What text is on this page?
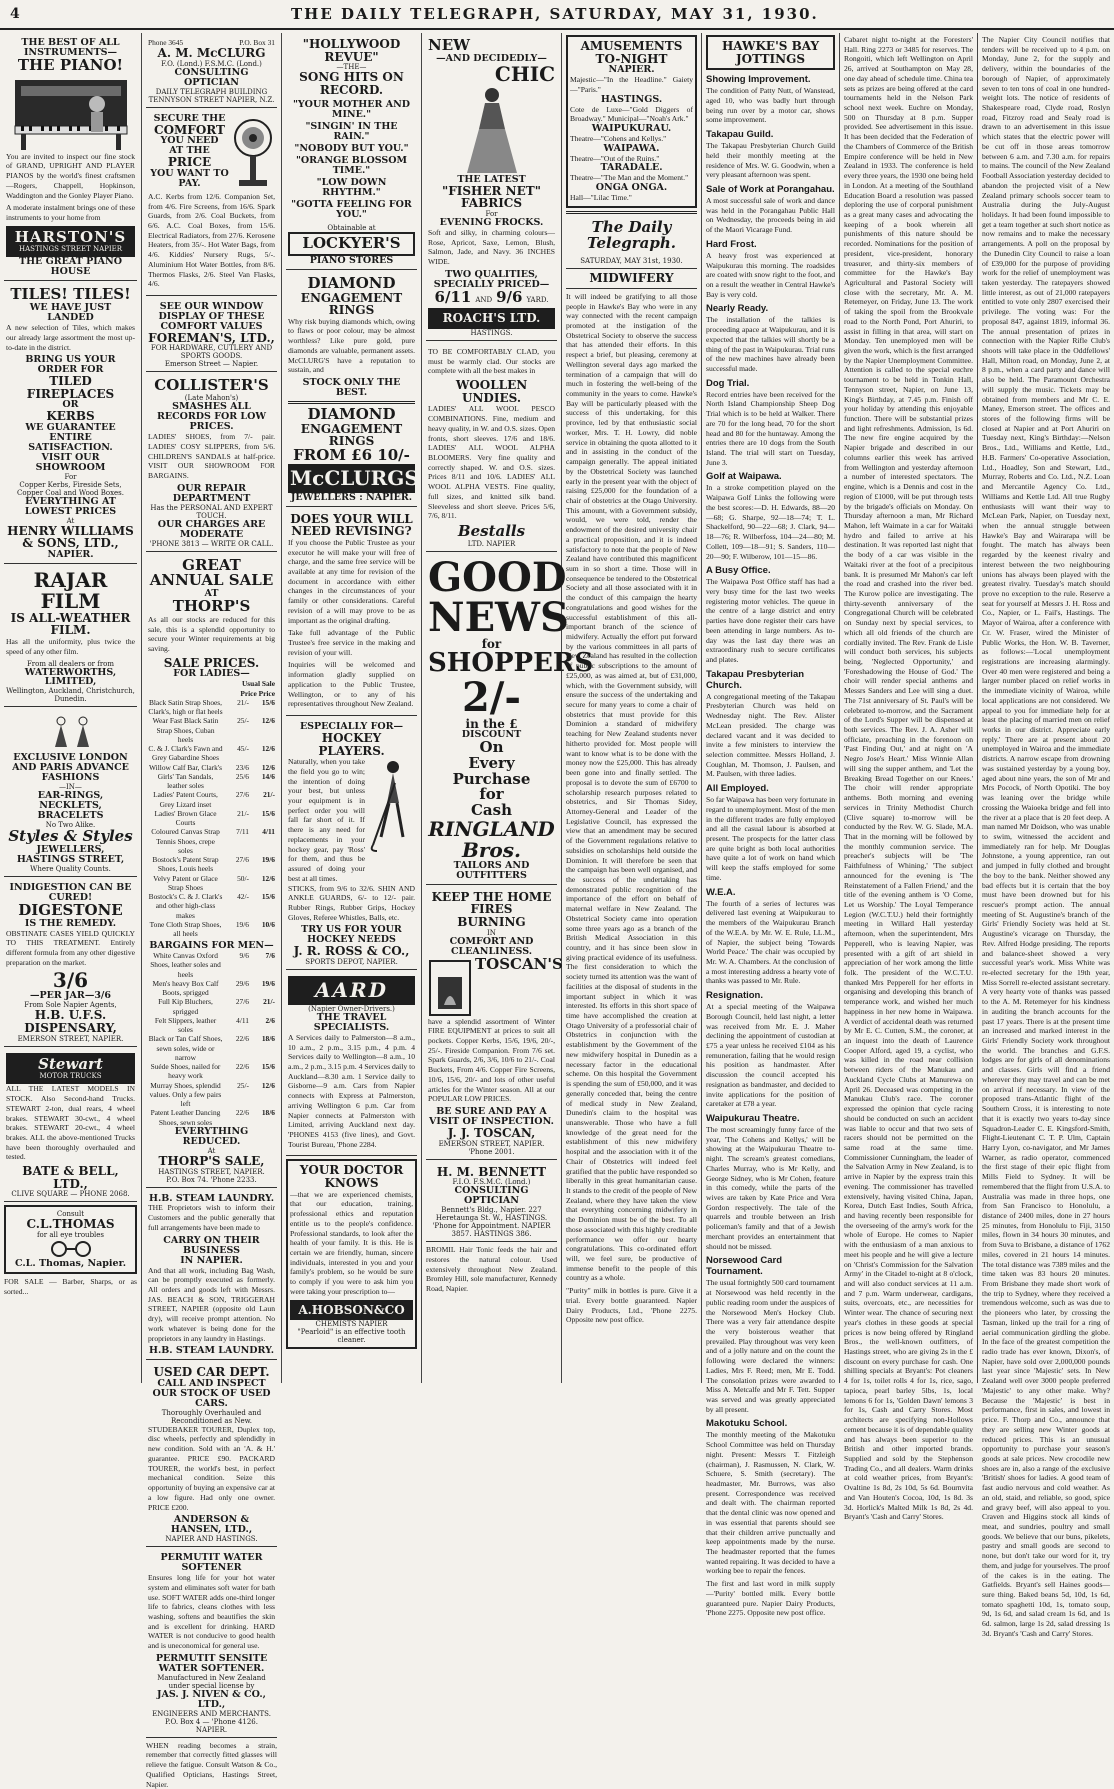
4	THE DAILY TELEGRAPH, SATURDAY, MAY 31, 1930.
THE BEST OF ALL INSTRUMENTS—
THE PIANO!
You are invited to inspect our fine stock of GRAND, UPRIGHT AND PLAYER PIANOS by the world's finest craftsmen—Rogers, Chappell, Hopkinson, Waddington and the Gonley Player Piano.
A moderate instalment brings one of these instruments to your home from
HARSTON'S
HASTINGS STREET NAPIER
THE GREAT PIANO HOUSE
TILES! TILES!
WE HAVE JUST LANDED
A new selection of Tiles, which makes our already large assortment the most up-to-date in the district.
BRING US YOUR ORDER FOR
TILED FIREPLACES
OR
KERBS
WE GUARANTEE ENTIRE SATISFACTION.
VISIT OUR SHOWROOM
For
Copper Kerbs, Fireside Sets, Copper Coal and Wood Boxes.
EVERYTHING AT LOWEST PRICES
At
HENRY WILLIAMS & SONS, LTD.,
NAPIER.
RAJAR FILM
IS ALL-WEATHER FILM.
Has all the uniformity, plus twice the speed of any other film.
From all dealers or from
WATERWORTHS, LIMITED,
Wellington, Auckland, Christchurch, Dunedin.
EXCLUSIVE LONDON AND PARIS ADVANCE FASHIONS
—IN—
EAR-RINGS, NECKLETS, BRACELETS
No Two Alike.
Styles & Styles
JEWELLERS, HASTINGS STREET,
Where Quality Counts.
INDIGESTION CAN BE CURED!
DIGESTONE
IS THE REMEDY.
OBSTINATE CASES YIELD QUICKLY TO THIS TREATMENT. Entirely different formula from any other digestive preparation on the market.
3/6
—PER JAR—3/6
From Sole Napier Agents,
H.B. U.F.S. DISPENSARY,
EMERSON STREET, NAPIER.
Stewart
MOTOR TRUCKS
ALL THE LATEST MODELS IN STOCK. Also Second-hand Trucks. STEWART 2-ton, dual rears, 4 wheel brakes. STEWART 30-cwt., 4 wheel brakes. STEWART 20-cwt., 4 wheel brakes. ALL the above-mentioned Trucks have been thoroughly overhauled and tested.
BATE & BELL, LTD.,
CLIVE SQUARE — PHONE 2068.
Consult
C.L.THOMAS
for all eye troubles
C.L. Thomas, Napier.
FOR SALE — Barber, Sharps, or as sorted...
Phone 3645	P.O. Box 31
A. M. McCLURG
F.O. (Lond.) F.S.M.C. (Lond.)
CONSULTING OPTICIAN
DAILY TELEGRAPH BUILDING TENNYSON STREET NAPIER, N.Z.
SECURE THE
COMFORT
YOU NEED
AT THE
PRICE
YOU WANT TO PAY.
A.C. Kerbs from 12/6. Companion Set, from 4/6. Fire Screens, from 16/6. Spark Guards, from 2/6. Coal Buckets, from 6/6. A.C. Coal Boxes, from 15/6. Electrical Radiators, from 27/6. Kerosene Heaters, from 35/-. Hot Water Bags, from 4/6. Kiddies' Nursery Rugs, 5/-. Aluminium Hot Water Bottles, from 8/6. Thermos Flasks, 2/6. Steel Van Flasks, 4/6.
SEE OUR WINDOW DISPLAY OF THESE COMFORT VALUES
FOREMAN'S, LTD.,
FOR HARDWARE, CUTLERY AND SPORTS GOODS.
Emerson Street — Napier.
COLLISTER'S
(Late Mahon's)
SMASHES ALL RECORDS FOR LOW PRICES.
LADIES' SHOES, from 7/- pair. LADIES' COSY SLIPPERS, from 5/6. CHILDREN'S SANDALS at half-price. VISIT OUR SHOWROOM FOR BARGAINS.
OUR REPAIR DEPARTMENT
Has the PERSONAL AND EXPERT TOUCH.
OUR CHARGES ARE MODERATE
'PHONE 3813 — WRITE OR CALL.
GREAT ANNUAL SALE
AT
THORP'S
As all our stocks are reduced for this sale, this is a splendid opportunity to secure your Winter requirements at big saving.
SALE PRICES.
FOR LADIES—
Usual Sale
Price Price
Black Satin Strap Shoes, Clark's, high or flat heels
21/-	15/6
Wear Fast Black Satin Strap Shoes, Cuban heels
25/-	12/6
C. & J. Clark's Fawn and Grey Gabardine Shoes
45/-	12/6
Willow Calf Bar, Clark's	23/6	12/6
Girls' Tan Sandals, leather soles
25/6	14/6
Ladies' Patent Courts, Grey Lizard inset
27/6	21/-
Ladies' Brown Glace Courts
21/-	15/6
Coloured Canvas Strap Tennis Shoes, crepe soles
7/11	4/11
Bostock's Patent Strap Shoes, Louis heels
27/6	19/6
Velvy Patent or Glace Strap Shoes
50/-	12/6
Bostock's C. & J. Clark's and other high-class makes
42/-	15/6
Tone Cloth Strap Shoes, all heels
19/6	10/6
BARGAINS FOR MEN—
White Canvas Oxford Shoes, leather soles and heels
9/6	7/6
Men's heavy Box Calf Boots, sprigged
29/6	19/6
Full Kip Bluchers, sprigged
27/6	21/-
Felt Slippers, leather soles
4/11	2/6
Black or Tan Calf Shoes, sewn soles, wide or narrow
22/6	18/6
Suéde Shoes, nailed for heavy work
22/6	15/6
Murray Shoes, splendid values. Only a few pairs left
25/-	12/6
Patent Leather Dancing Shoes, sewn soles
22/6	18/6
EVERYTHING REDUCED.
At
THORP'S SALE,
HASTINGS STREET, NAPIER.
P.O. Box 74. 'Phone 2233.
H.B. STEAM LAUNDRY.
THE Proprietors wish to inform their Customers and the public generally that full arrangements have been made to
CARRY ON THEIR BUSINESS
IN NAPIER.
And that all work, including Bag Wash, can be promptly executed as formerly. All orders and goods left with Messrs. JAS. BEACH & SON, TRIGGERAH STREET, NAPIER (opposite old Laun dry), will receive prompt attention. No work whatever is being done for the proprietors in any laundry in Hastings.
H.B. STEAM LAUNDRY.
USED CAR DEPT.
CALL AND INSPECT OUR STOCK OF USED CARS.
Thoroughly Overhauled and Reconditioned as New.
STUDEBAKER TOURER, Duplex top, disc wheels, perfectly and splendidly in new condition. Sold with an 'A. & H.' guarantee. PRICE £90. PACKARD TOURER, the world's best, in perfect mechanical condition. Seize this opportunity of buying an expensive car at a low figure. Had only one owner. PRICE £200.
ANDERSON & HANSEN, LTD.,
NAPIER AND HASTINGS.
PERMUTIT WATER SOFTENER
Ensures long life for your hot water system and eliminates soft water for bath use. SOFT WATER adds one-third longer life to fabrics, cleans clothes with less washing, softens and beautifies the skin and is excellent for drinking. HARD WATER is not conducive to good health and is uneconomical for general use.
PERMUTIT SENSITE WATER SOFTENER.
Manufactured in New Zealand under special license by
JAS. J. NIVEN & CO., LTD.,
ENGINEERS AND MERCHANTS.
P.O. Box 4 — 'Phone 4126.
NAPIER.
WHEN reading becomes a strain, remember that correctly fitted glasses will relieve the fatigue. Consult Watson & Co., Qualified Opticians, Hastings Street, Napier.
"HOLLYWOOD REVUE"
—THE—
SONG HITS ON RECORD.
"YOUR MOTHER AND MINE."
"SINGIN' IN THE RAIN."
"NOBODY BUT YOU."
"ORANGE BLOSSOM TIME."
"LOW DOWN RHYTHM."
"GOTTA FEELING FOR YOU."
Obtainable at
LOCKYER'S
PIANO STORES
DIAMOND
ENGAGEMENT RINGS
Why risk buying diamonds which, owing to flaws or poor colour, may be almost worthless? Like pure gold, pure diamonds are valuable, permanent assets. McCLURG'S have a reputation to sustain, and
STOCK ONLY THE BEST.
DIAMOND
ENGAGEMENT RINGS
FROM £6 10/-
McCLURGS
JEWELLERS : NAPIER.
DOES YOUR WILL
NEED REVISING?
If you choose the Public Trustee as your executor he will make your will free of charge, and the same free service will be available at any time for revision of the document in accordance with either changes in the circumstances of your family or other considerations. Careful revision of a will may prove to be as important as the original drafting.
Take full advantage of the Public Trustee's free service in the making and revision of your will.
Inquiries will be welcomed and information gladly supplied on application to the Public Trustee, Wellington, or to any of his representatives throughout New Zealand.
ESPECIALLY FOR—
HOCKEY PLAYERS.
Naturally, when you take the field you go to win; the intention of doing your best, but unless your equipment is in perfect order you will fall far short of it. If there is any need for replacements in your hockey gear, pay 'Ross' for them, and thus be assured of doing your best at all times.
STICKS, from 9/6 to 32/6. SHIN AND ANKLE GUARDS, 6/- to 12/- pair. Rubber Rings, Rubber Grips, Hockey Gloves, Referee Whistles, Balls, etc.
TRY US FOR YOUR HOCKEY NEEDS
J. R. ROSS & CO.,
SPORTS DEPOT, NAPIER.
AARD
(Napier Owner-Drivers.)
THE TRAVEL SPECIALISTS.
A Services daily to Palmerston—8 a.m., 10 a.m., 2 p.m., 3.15 p.m., 4 p.m. 4 Services daily to Wellington—8 a.m., 10 a.m., 2 p.m., 3.15 p.m. 4 Services daily to Auckland—8.30 a.m. 1 Service daily to Gisborne—9 a.m. Cars from Napier connects with Express at Palmerston, arriving Wellington 6 p.m. Car from Napier connects at Palmerston with Limited, arriving Auckland next day. 'PHONES 4153 (five lines), and Govt. Tourist Bureau, 'Phone 2284.
YOUR DOCTOR
KNOWS
—that we are experienced chemists, that our education, training, professional ethics and reputation entitle us to the people's confidence. Professional standards, to look after the health of your family. It is this. He is certain we are friendly, human, sincere individuals, interested in you and your family's problem, so he would be sure to comply if you were to ask him you were taking your prescription to—
A.HOBSON&CO
CHEMISTS NAPIER
"Pearloid" is an effective tooth cleaner.
NEW
—AND DECIDEDLY—
CHIC
THE LATEST
"FISHER NET"
FABRICS
For
EVENING FROCKS.
Soft and silky, in charming colours—Rose, Apricot, Saxe, Lemon, Blush, Salmon, Jade, and Navy. 36 INCHES WIDE.
TWO QUALITIES, SPECIALLY PRICED—
6/11 AND 9/6 YARD.
ROACH'S LTD.
HASTINGS.
TO BE COMFORTABLY CLAD, you must be warmly clad. Our stocks are complete with all the best makes in
WOOLLEN UNDIES.
LADIES' ALL WOOL PESCO COMBINATIONS. Fine, medium and heavy quality, in W. and O.S. sizes. Open fronts, short sleeves. 17/6 and 18/6. LADIES' ALL WOOL ALPHA BLOOMERS. Very fine quality and correctly shaped. W. and O.S. sizes. Prices 8/11 and 10/6. LADIES' ALL WOOL ALPHA VESTS. Fine quality, full sizes, and knitted silk band. Sleeveless and short sleeve. Prices 5/6, 7/6, 8/11.
Bestalls
LTD. NAPIER
GOOD
NEWS
for
SHOPPERS
2/-
in the £
DISCOUNT
On
Every
Purchase
for
Cash
RINGLAND Bros.
TAILORS AND OUTFITTERS
KEEP THE HOME FIRES
BURNING
IN
COMFORT AND CLEANLINESS.
TOSCAN'S
have a splendid assortment of Winter FIRE EQUIPMENT at prices to suit all pockets. Copper Kerbs, 15/6, 19/6, 20/-, 25/-. Fireside Companion. From 7/6 set. Spark Guards, 2/6, 3/6, 10/6 to 21/-. Coal Buckets, From 4/6. Copper Fire Screens, 10/6, 15/6, 20/- and lots of other useful articles for the Winter season. All at our POPULAR LOW PRICES.
BE SURE AND PAY A VISIT OF INSPECTION.
J. J. TOSCAN,
EMERSON STREET, NAPIER.
'Phone 2001.
H. M. BENNETT
F.I.O. F.S.M.C. (Lond.)
CONSULTING OPTICIAN
Bennett's Bldg., Napier. 227 Heretaunga St. W., HASTINGS.
'Phone for Appointment. NAPIER 3857. HASTINGS 386.
BROMIL Hair Tonic feeds the hair and restores the natural colour. Used extensively throughout New Zealand. Bromley Hill, sole manufacturer, Kennedy Road, Napier.
AMUSEMENTS TO-NIGHT
NAPIER.
Majestic—"In the Headline." Gaiety—"Paris."
HASTINGS.
Cote de Luxe—"Gold Diggers of Broadway." Municipal—"Noah's Ark."
WAIPUKURAU.
Theatre—"Cohens and Kellys."
WAIPAWA.
Theatre—"Out of the Ruins."
TARADALE.
Theatre—"The Man and the Moment."
ONGA ONGA.
Hall—"Lilac Time."
The Daily Telegraph.
SATURDAY, MAY 31st, 1930.
MIDWIFERY
It will indeed be gratifying to all those people in Hawke's Bay who were in any way connected with the recent campaign promoted at the instigation of the Obstetrical Society to observe the success that has attended their efforts. In this respect a brief, but pleasing, ceremony at Wellington several days ago marked the termination of a campaign that will do much in fostering the well-being of the community in the years to come. Hawke's Bay will be particularly pleased with the success of this undertaking, for this province, led by that enthusiastic social worker, Mrs. T. H. Lowry, did noble service in obtaining the quota allotted to it and in assisting in the conduct of the campaign generally. The appeal initiated by the Obstetrical Society was launched early in the present year with the object of raising £25,000 for the foundation of a chair of obstetrics at the Otago University. This amount, with a Government subsidy, would, we were told, render the endowment of the desired university chair a practical proposition, and it is indeed satisfactory to note that the people of New Zealand have contributed this magnificent sum in so short a time. Those will in consequence be tendered to the Obstetrical Society and all those associated with it in the conduct of this campaign the hearty congratulations and good wishes for the successful establishment of this all-important branch of the science of midwifery. Actually the effort put forward by the various committees in all parts of New Zealand has resulted in the collection of public subscriptions to the amount of £25,000, as was aimed at, but of £31,000, which, with the Government subsidy, will ensure the success of the undertaking and secure for many years to come a chair of obstetrics that must provide for this Dominion a standard of midwifery teaching for New Zealand students never hitherto provided for. Most people will want to know what is to be done with the money now the £25,000. This has already been gone into and finally settled. The proposal is to devote the sum of £6700 to scholarship research purposes related to obstetrics, and Sir Thomas Sidey, Attorney-General and Leader of the Legislative Council, has expressed the view that an amendment may be secured of the Government regulations relative to subsidies on scholarships held outside the Dominion. It will therefore be seen that the campaign has been well organised, and the success of the undertaking has demonstrated public recognition of the importance of the effort on behalf of maternal welfare in New Zealand. The Obstetrical Society came into operation some three years ago as a branch of the British Medical Association in this country, and it has since been slow in giving practical evidence of its usefulness. The first consideration to which the society turned its attention was the want of facilities at the disposal of students in the important subject in which it was interested. Its efforts in this short space of time have accomplished the creation at Otago University of a professorial chair of Obstetrics in conjunction with the establishment by the Government of the new midwifery hospital in Dunedin as a necessary factor in the educational scheme. On this hospital the Government is spending the sum of £50,000, and it was generally conceded that, being the centre of medical study in New Zealand, Dunedin's claim to the hospital was unanswerable. Those who have a full knowledge of the great need for the establishment of this new midwifery hospital and the association with it of the Chair of Obstetrics will indeed feel gratified that the public have responded so liberally in this great humanitarian cause. It stands to the credit of the people of New Zealand, where they have taken the view that everything concerning midwifery in the Dominion must be of the best. To all those associated with this highly creditable performance we offer our hearty congratulations. This co-ordinated effort will, we feel sure, be productive of immense benefit to the people of this country as a whole.
"Purity" milk in bottles is pure. Give it a trial. Every bottle guaranteed. Napier Dairy Products, Ltd., 'Phone 2275. Opposite new post office.
HAWKE'S BAY JOTTINGS
Showing Improvement.
The condition of Patty Nutt, of Wanstead, aged 10, who was badly hurt through being run over by a motor car, shows some improvement.
Takapau Guild.
The Takapau Presbyterian Church Guild held their monthly meeting at the residence of Mrs. W. G. Goodwin, when a very pleasant afternoon was spent.
Sale of Work at Porangahau.
A most successful sale of work and dance was held in the Porangahau Public Hall on Wednesday, the proceeds being in aid of the Maori Vicarage Fund.
Hard Frost.
A heavy frost was experienced at Waipukurau this morning. The roadsides are coated with snow right to the foot, and on a result the weather in Central Hawke's Bay is very cold.
Nearly Ready.
The installation of the talkies is proceeding apace at Waipukurau, and it is expected that the talkies will shortly be a thing of the past in Waipukurau. Trial runs of the new machines have already been successful made.
Dog Trial.
Record entries have been received for the North Island Championship Sheep Dog Trial which is to be held at Walker. There are 70 for the long head, 70 for the short head and 80 for the huntaway. Among the entries there are 10 dogs from the South Island. The trial will start on Tuesday, June 3.
Golf at Waipawa.
In a stroke competition played on the Waipawa Golf Links the following were the best scores:—D. H. Edwards, 88—20—68; G. Sharpe, 92—18—74; T. L. Shackelford, 90—22—68; J. Clark, 94—18—76; R. Wilberfoss, 104—24—80; M. Collett, 109—18—91; S. Sanders, 110—20—90; F. Wilberow, 101—15—86.
A Busy Office.
The Waipawa Post Office staff has had a very busy time for the last two weeks registering motor vehicles. The queue in the centre of a large district and entry parties have done register their cars have been attending in large numbers. As to-day was the last day there was an extraordinary rush to secure certificates and plates.
Takapau Presbyterian Church.
A congregational meeting of the Takapau Presbyterian Church was held on Wednesday night. The Rev. Alister McLean presided. The charge was declared vacant and it was decided to invite a few ministers to interview the selection committee. Messrs Holland, J. Coughlan, M. Thomson, J. Paulsen, and M. Paulsen, with three ladies.
All Employed.
So far Waipawa has been very fortunate in regard to unemployment. Most of the men in the different trades are fully employed and all the casual labour is absorbed at present. The prospects for the latter class are quite bright as both local authorities have quite a lot of work on hand which will keep the staffs employed for some time.
W.E.A.
The fourth of a series of lectures was delivered last evening at Waipukurau to the members of the Waipukurau Branch of the W.E.A. by Mr. W. E. Rule, LL.M., of Napier, the subject being 'Towards World Peace.' The chair was occupied by Mr. W. A. Chambers. At the conclusion of a most interesting address a hearty vote of thanks was passed to Mr. Rule.
Resignation.
At a special meeting of the Waipawa Borough Council, held last night, a letter was received from Mr. E. J. Maher declining the appointment of custodian at £75 a year unless he received £104 as his remuneration, failing that he would resign his position as handmaster. After discussion the council accepted his resignation as bandmaster, and decided to invite applications for the position of caretaker at £78 a year.
Waipukurau Theatre.
The most screamingly funny farce of the year, 'The Cohens and Kellys,' will be showing at the Waipukurau Theatre to-night. The scream's greatest comedians, Charles Murray, who is Mr Kelly, and George Sidney, who is Mr Cohen, feature in this comedy, while the parts of the wives are taken by Kate Price and Vera Gordon respectively. The tale of the quarrels and trouble between an Irish policeman's family and that of a Jewish merchant provides an entertainment that should not be missed.
Norsewood Card Tournament.
The usual fortnightly 500 card tournament at Norsewood was held recently in the public reading room under the auspices of the Norsewood Men's Hockey Club. There was a very fair attendance despite the very boisterous weather that prevailed. Play throughout was very keen and of a jolly nature and on the count the following were declared the winners: Ladies, Mrs F. Reed; men, Mr E. Todd. The consolation prizes were awarded to Miss A. Metcalfe and Mr F. Tett. Supper was served and was greatly appreciated by all present.
Makotuku School.
The monthly meeting of the Makotuku School Committee was held on Thursday night. Present: Messrs T. Fitzleigh (chairman), J. Rasmussen, N. Clark, W. Schuere, S. Smith (secretary). The headmaster, Mr. Burrows, was also present. Correspondence was received and dealt with. The chairman reported that the dental clinic was now opened and in was essential that parents should see that their children arrive punctually and keep appointments made by the nurse. The headmaster reported that the fumes wanted repairing. It was decided to have a working bee to repair the fences.
The first and last word in milk supply—'Purity' bottled milk. Every bottle guaranteed pure. Napier Dairy Products, 'Phone 2275. Opposite new post office.
Cabaret night to-night at the Foresters' Hall. Ring 2273 or 3485 for reserves. The Rongoiti, which left Wellington on April 26, arrived at Southampton on May 28, one day ahead of schedule time. China tea sets as prizes are being offered at the card tournaments held in the Nelson Park school next week. Euchre on Monday, 500 on Thursday at 8 p.m. Supper provided. See advertisement in this issue. It has been decided that the Federation of the Chambers of Commerce of the British Empire conference will be held in New Zealand in 1933. The conference is held every three years, the 1930 one being held in London. At a meeting of the Southland Education Board a resolution was passed deploring the use of corporal punishment as a great many cases and advocating the keeping of a book wherein all punishments of this nature should be recorded. Nominations for the position of president, vice-president, honorary treasurer, and thirty-six members of committee for the Hawke's Bay Agricultural and Pastoral Society will close with the secretary, Mr. A. M. Retemeyer, on Friday, June 13. The work of taking the spoil from the Brookvale road to the North Pond, Port Ahuriri, to assist in filling in that area, will start on Monday. Ten unemployed men will be given the work, which is the first arranged by the Napier Unemployment Committee. Attention is called to the special euchre tournament to be held in Tonkin Hall, Tennyson street, Napier, on June 13, King's Birthday, at 7.45 p.m. Finish off your holiday by attending this enjoyable function. There will be substantial prizes and light refreshments. Admission, 1s 6d. The new fire engine acquired by the Napier brigade and described in our columns earlier this week has arrived from Wellington and yesterday afternoon a number of interested spectators. The engine, which is a Dennis and cost in the region of £1000, will be put through tests by the brigade's officials on Monday. On Thursday afternoon a man, Mr Richard Mahon, left Waimate in a car for Waitaki hydro and failed to arrive at his destination. It was reported last night that the body of a car was visible in the Waitaki river at the foot of a precipitous bank. It is presumed Mr Mahon's car left the road and crashed into the river bed. The Kurow police are investigating. The thirty-seventh anniversary of the Congregational Church will be celebrated on Sunday next by special services, to which all old friends of the church are cordially invited. The Rev. Frank de Lisle will conduct both services, his subjects being, 'Neglected Opportunity,' and 'Foreshadowing the House of God.' The choir will render special anthems and Messrs Sanders and Lee will sing a duet. The 71st anniversary of St. Paul's will be celebrated to-morrow, and the Sacrament of the Lord's Supper will be dispensed at both services. The Rev. J. A. Asher will officiate, preaching in the forenoon on 'Past Finding Out,' and at night on 'A Negro Jose's Heart.' Miss Winnie Allan will sing the supper anthem, and 'Let the Breaking Bread Together on our Knees.' The choir will render appropriate anthems. Both morning and evening services in Trinity Methodist Church (Clive square) to-morrow will be conducted by the Rev. W. G. Slade, M.A. That in the morning will be followed by the monthly communion service. The preacher's subjects will be 'The Faithfulness of Whining,' 'The subject announced for the evening is 'The Reinstatement of a Fallen Friend,' and the title of the evening anthem is 'O Come, Let us Worship.' The Loyal Temperance Legion (W.C.T.U.) held their fortnightly meeting in Willard Hall yesterday afternoon, when the superintendent, Mrs Pepperell, who is leaving Napier, was presented with a gift of art shield in appreciation of her work among the little folk. The president of the W.C.T.U. thanked Mrs Pepperell for her efforts in organising and developing this branch of temperance work, and wished her much happiness in her new home in Waipawa. A verdict of accidental death was returned by Mr E. C. Cutten, S.M., the coroner, at an inquest into the death of Laurence Cooper Alford, aged 19, a cyclist, who was killed in the road near collision between riders of the Manukau and Auckland Cycle Clubs at Manurewa on April 26. Deceased was competing in the Manukau Club's race. The coroner expressed the opinion that cycle racing should be conducted on such an accident was liable to occur and that two sets of racers should not be permitted on the same road at the same time. Commissioner Cunningham, the leader of the Salvation Army in New Zealand, is to arrive in Napier by the express train this evening. The commissioner has travelled extensively, having visited China, Japan, Korea, Dutch East Indies, South Africa, and having recently been responsible for the overseeing of the army's work for the whole of Europe. He comes to Napier with the enthusiasm of a man anxious to meet his people and he will give a lecture on 'Christ's Commission for the Salvation Army' in the Citadel to-night at 8 o'clock, and will also conduct services at 11 a.m. and 7 p.m. Warm underwear, cardigans, suits, overcoats, etc., are necessities for Winter wear. The chance of securing next year's clothes in these goods at special prices is now being offered by Ringland Bros., the well-known outfitters, of Hastings street, who are giving 2s in the £ discount on every purchase for cash. One shilling specials at Bryant's: Pot cleaners 4 for 1s, toilet rolls 4 for 1s, rice, sago, tapioca, pearl barley 5lbs, 1s, local lemons 6 for 1s, 'Golden Dawn' lemons 3 for 1s, Cash and Carry Stores. Most architects are specifying non-Hollows cement because it is of dependable quality and has always been superior to the British and other imported brands. Supplied and sold by the Stephenson Trading Co., and all dealers. Warm drinks at cold weather prices, from Bryant's: Ovaltine 1s 8d, 2s 10d, 5s 6d. Bournvita and Van Houten's Cocoa, 10d, 1s 8d. 3s 3d. Horlick's Malted Milk 1s 8d, 2s 4d. Bryant's 'Cash and Carry' Stores.
The Napier City Council notifies that tenders will be received up to 4 p.m. on Monday, June 2, for the supply and delivery, within the boundaries of the borough of Napier, of approximately seven to ten tons of coal in one hundred-weight lots. The notice of residents of Shakespeare road, Clyde road, Roslyn road, Fitzroy road and Sealy road is drawn to an advertisement in this issue which states that the electric power will be cut off in those areas tomorrow between 6 a.m. and 7.30 a.m. for repairs to mains. The council of the New Zealand Football Association yesterday decided to abandon the projected visit of a New Zealand primary schools soccer team to Australia during the July-August holidays. It had been found impossible to get a team together at such short notice as now remains and to make the necessary arrangements. A poll on the proposal by the Dunedin City Council to raise a loan of £39,000 for the purpose of providing work for the relief of unemployment was taken yesterday. The ratepayers showed little interest, as out of 21,000 ratepayers entitled to vote only 2807 exercised their privilege. The voting was: For the proposal 847, against 1819, informal 36. The annual presentation of prizes in connection with the Napier Rifle Club's shoots will take place in the Oddfellows' Hall, Milton road, on Monday, June 2, at 8 p.m., when a card party and dance will also be held. The Paramount Orchestra will supply the music. Tickets may be obtained from members and Mr C. E. Maney, Emerson street. The offices and stores of the following firms will be closed at Napier and at Port Ahuriri on Tuesday next, King's Birthday:—Nelson Bros., Ltd., Williams and Kettle, Ltd., H.B. Farmers' Co-operative Association, Ltd., Hoadley, Son and Stewart, Ltd., Murray, Roberts and Co. Ltd., N.Z. Loan and Mercantile Agency Co. Ltd., Williams and Kettle Ltd. All true Rugby enthusiasts will want their way to McLean Park, Napier, on Tuesday next, when the annual struggle between Hawke's Bay and Wairarapa will be fought. The match has always been regarded by the keenest rivalry and interest between the two neighbouring unions has always been played with the greatest rivalry. Tuesday's match should prove no exception to the rule. Reserve a seat for yourself at Messrs J. H. Ross and Co., Napier, or L. Fail's, Hastings. The Mayor of Wairoa, after a conference with Cr. W. Fraser, wired the Minister of Public Works, the Hon. W. B. Taverner, as follows:—'Local unemployment registrations are increasing alarmingly. Over 40 men were registered and being a larger number placed on relief works in the immediate vicinity of Wairoa, while local applications are not considered. We appeal to you for immediate help for at least the placing of married men on relief works in our district. Appreciate early reply.' There are at present about 20 unemployed in Wairoa and the immediate districts. A narrow escape from drowning was sustained yesterday by a young boy, aged about nine years, the son of Mr and Mrs Pocock, of North Opotiki. The boy was leaning over the bridge while crossing the Waioeka bridge and fell into the river at a place that is 20 feet deep. A man named Mr Doidson, who was unable to swim, witnessed the accident and immediately ran for help. Mr Douglas Johnstone, a young apprentice, ran out and jumped in fully clothed and brought the boy to the bank. Neither showed any bad effects but it is certain that the boy must have been drowned but for his rescuer's prompt action. The annual meeting of St. Augustine's branch of the Girls' Friendly Society was held at St. Augustine's vicarage on Thursday, the Rev. Alfred Hodge presiding. The reports and balance-sheet showed a very successful year's work. Miss White was re-elected secretary for the 19th year, Miss Sorrell re-elected assistant secretary. A very hearty vote of thanks was passed to the A. M. Retemeyer for his kindness in auditing the branch accounts for the past 17 years. There is at the present time an increased and marked interest in the Girls' Friendly Society work throughout the world. The branches and G.F.S. lodges are for girls of all denominations and classes. Girls will find a friend wherever they may travel and can be met on arrival if necessary. In view of the proposed trans-Atlantic flight of the Southern Cross, it is interesting to note that it is exactly two years to-day since Squadron-Leader C. E. Kingsford-Smith, Flight-Lieutenant C. T. P. Ulm, Captain Harry Lyon, co-navigator, and Mr James Warner, as radio operator, commenced the first stage of their epic flight from Mills Field to Sydney. It will be remembered that the flight from U.S.A. to Australia was made in three hops, one from San Francisco to Honolulu, a distance of 2400 miles, done in 27 hours 25 minutes, from Honolulu to Fiji, 3150 miles, flown in 34 hours 30 minutes, and from Suva to Brisbane, a distance of 1762 miles, covered in 21 hours 14 minutes. The total distance was 7389 miles and the time taken was 83 hours 20 minutes. From Brisbane they made short work of the trip to Sydney, where they received a tremendous welcome, such as was due to the pioneers who later, by crossing the Tasman, linked up the trail for a ring of aerial communication girdling the globe. In the face of the greatest competition the radio trade has ever known, Dixon's, of Napier, have sold over 2,000,000 pounds last year since 'Majestic' sets. In New Zealand well over 3000 people preferred 'Majestic' to any other make. Why? Because the 'Majestic' is best in performance, first in sales, and lowest in price. F. Thorp and Co., announce that they are selling new Winter goods at reduced prices. This is an unusual opportunity to purchase your season's goods at sale prices. New crocodile new shoes are in, also a range of the exclusive 'British' shoes for ladies. A good team of fast audio nervous and cold weather. As an old, staid, and reliable, so good, spice and gravy beef, will also appeal to you. Craven and Higgins stock all kinds of meat, and sundries, poultry and small goods. We believe that our buns, pikelets, pastry and small goods are second to none, but don't take our word for it, try them, and judge for yourselves. The proof of the cakes is in the eating. The Gatfields. Bryant's sell Haines goods—sure thing. Baked beans 5d, 10d, 1s 6d, tomato spaghetti 10d, 1s, tomato soup, 9d, 1s 6d, and salad cream 1s 6d, and 1s 6d. salmon, large 1s 2d, salad dressing 1s 3d. Bryant's 'Cash and Carry' Stores.
